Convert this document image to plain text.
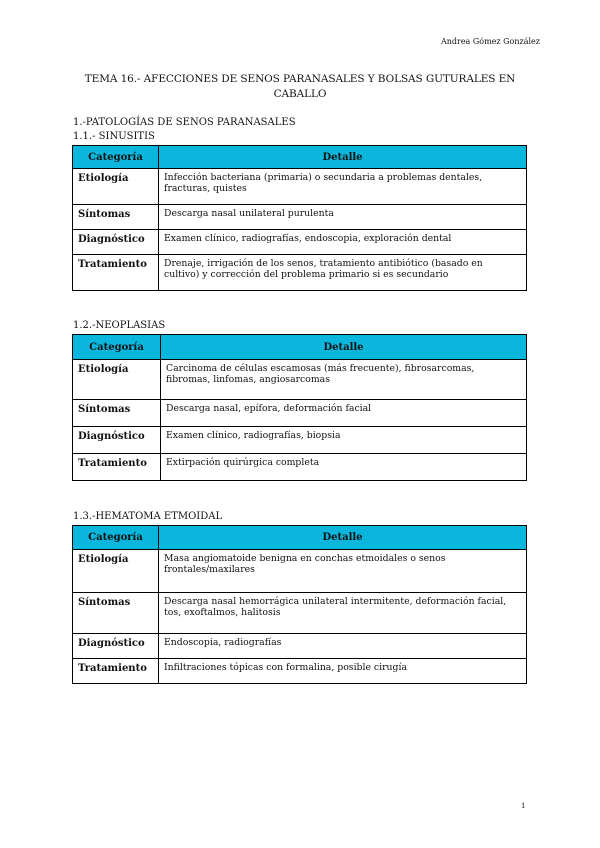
Andrea Gómez González
TEMA 16.- AFECCIONES DE SENOS PARANASALES Y BOLSAS GUTURALES EN CABALLO
1.-PATOLOGÍAS DE SENOS PARANASALES
1.1.- SINUSITIS
Categoría	Detalle
Etiología	Infección bacteriana (primaria) o secundaria a problemas dentales, fracturas, quistes
Síntomas	Descarga nasal unilateral purulenta
Diagnóstico	Examen clínico, radiografías, endoscopia, exploración dental
Tratamiento	Drenaje, irrigación de los senos, tratamiento antibiótico (basado en cultivo) y corrección del problema primario si es secundario
1.2.-NEOPLASIAS
Categoría	Detalle
Etiología	Carcinoma de células escamosas (más frecuente), fibrosarcomas, fibromas, linfomas, angiosarcomas
Síntomas	Descarga nasal, epífora, deformación facial
Diagnóstico	Examen clínico, radiografías, biopsia
Tratamiento	Extirpación quirúrgica completa
1.3.-HEMATOMA ETMOIDAL
Categoría	Detalle
Etiología	Masa angiomatoide benigna en conchas etmoidales o senos frontales/maxilares
Síntomas	Descarga nasal hemorrágica unilateral intermitente, deformación facial, tos, exoftalmos, halitosis
Diagnóstico	Endoscopia, radiografías
Tratamiento	Infiltraciones tópicas con formalina, posible cirugía
1
